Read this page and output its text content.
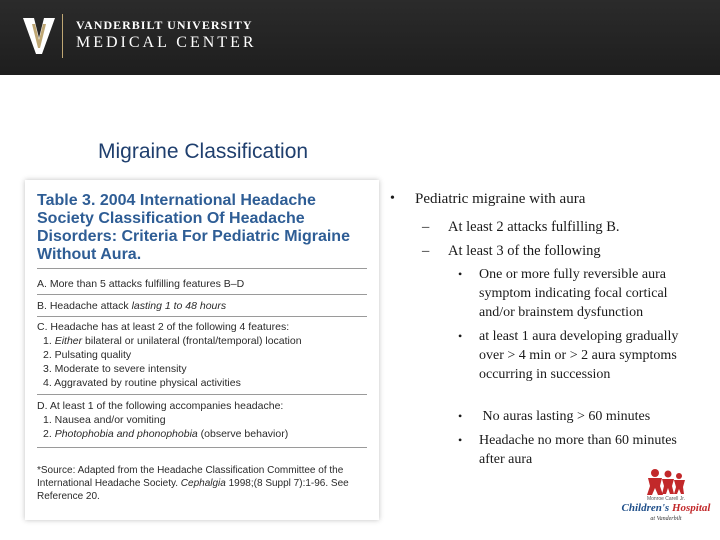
VANDERBILT UNIVERSITY
MEDICAL CENTER
Migraine Classification
Table 3. 2004 International Headache
Society Classification Of Headache
Disorders: Criteria For Pediatric Migraine
Without Aura.
A. More than 5 attacks fulfilling features B–D
B. Headache attack lasting 1 to 48 hours
C. Headache has at least 2 of the following 4 features:
1. Either bilateral or unilateral (frontal/temporal) location
2. Pulsating quality
3. Moderate to severe intensity
4. Aggravated by routine physical activities
D. At least 1 of the following accompanies headache:
1. Nausea and/or vomiting
2. Photophobia and phonophobia (observe behavior)
*Source: Adapted from the Headache Classification Committee of the
International Headache Society. Cephalgia 1998;(8 Suppl 7):1-96. See
Reference 20.
• Pediatric migraine with aura
– At least 2 attacks fulfilling B.
– At least 3 of the following
• One or more fully reversible aura symptom indicating focal cortical and/or brainstem dysfunction
• at least 1 aura developing gradually over > 4 min or > 2 aura symptoms occurring in succession
• No auras lasting > 60 minutes
• Headache no more than 60 minutes after aura
Monroe Carell Jr.
Children's Hospital
at Vanderbilt
